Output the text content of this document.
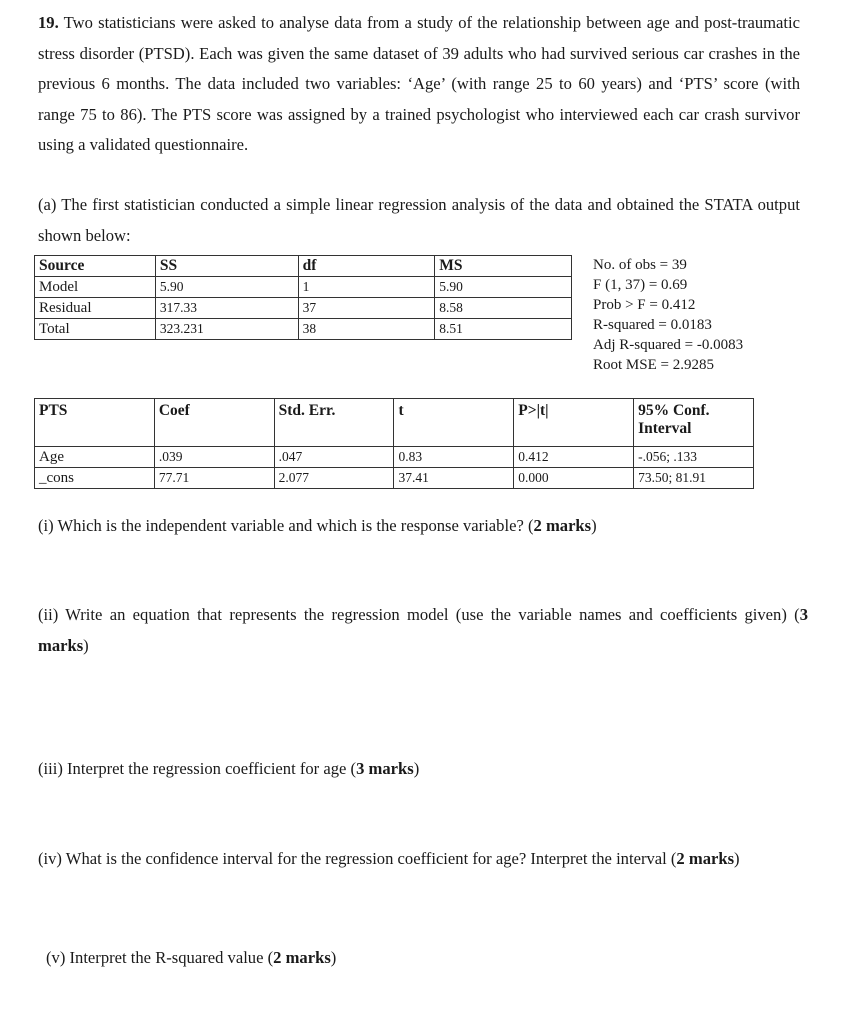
19. Two statisticians were asked to analyse data from a study of the relationship between age and post-traumatic stress disorder (PTSD). Each was given the same dataset of 39 adults who had survived serious car crashes in the previous 6 months. The data included two variables: ‘Age’ (with range 25 to 60 years) and ‘PTS’ score (with range 75 to 86). The PTS score was assigned by a trained psychologist who interviewed each car crash survivor using a validated questionnaire.
(a) The first statistician conducted a simple linear regression analysis of the data and obtained the STATA output shown below:
Source	SS	df	MS
Model	5.90	1	5.90
Residual	317.33	37	8.58
Total	323.231	38	8.51
No. of obs = 39
F (1, 37) = 0.69
Prob > F = 0.412
R-squared = 0.0183
Adj R-squared = -0.0083
Root MSE = 2.9285
PTS	Coef	Std. Err.	t	P>|t|	95% Conf. Interval
Age	.039	.047	0.83	0.412	-.056; .133
_cons	77.71	2.077	37.41	0.000	73.50; 81.91
(i) Which is the independent variable and which is the response variable? (2 marks)
(ii) Write an equation that represents the regression model (use the variable names and coefficients given) (3 marks)
(iii) Interpret the regression coefficient for age (3 marks)
(iv) What is the confidence interval for the regression coefficient for age? Interpret the interval (2 marks)
(v) Interpret the R-squared value (2 marks)
